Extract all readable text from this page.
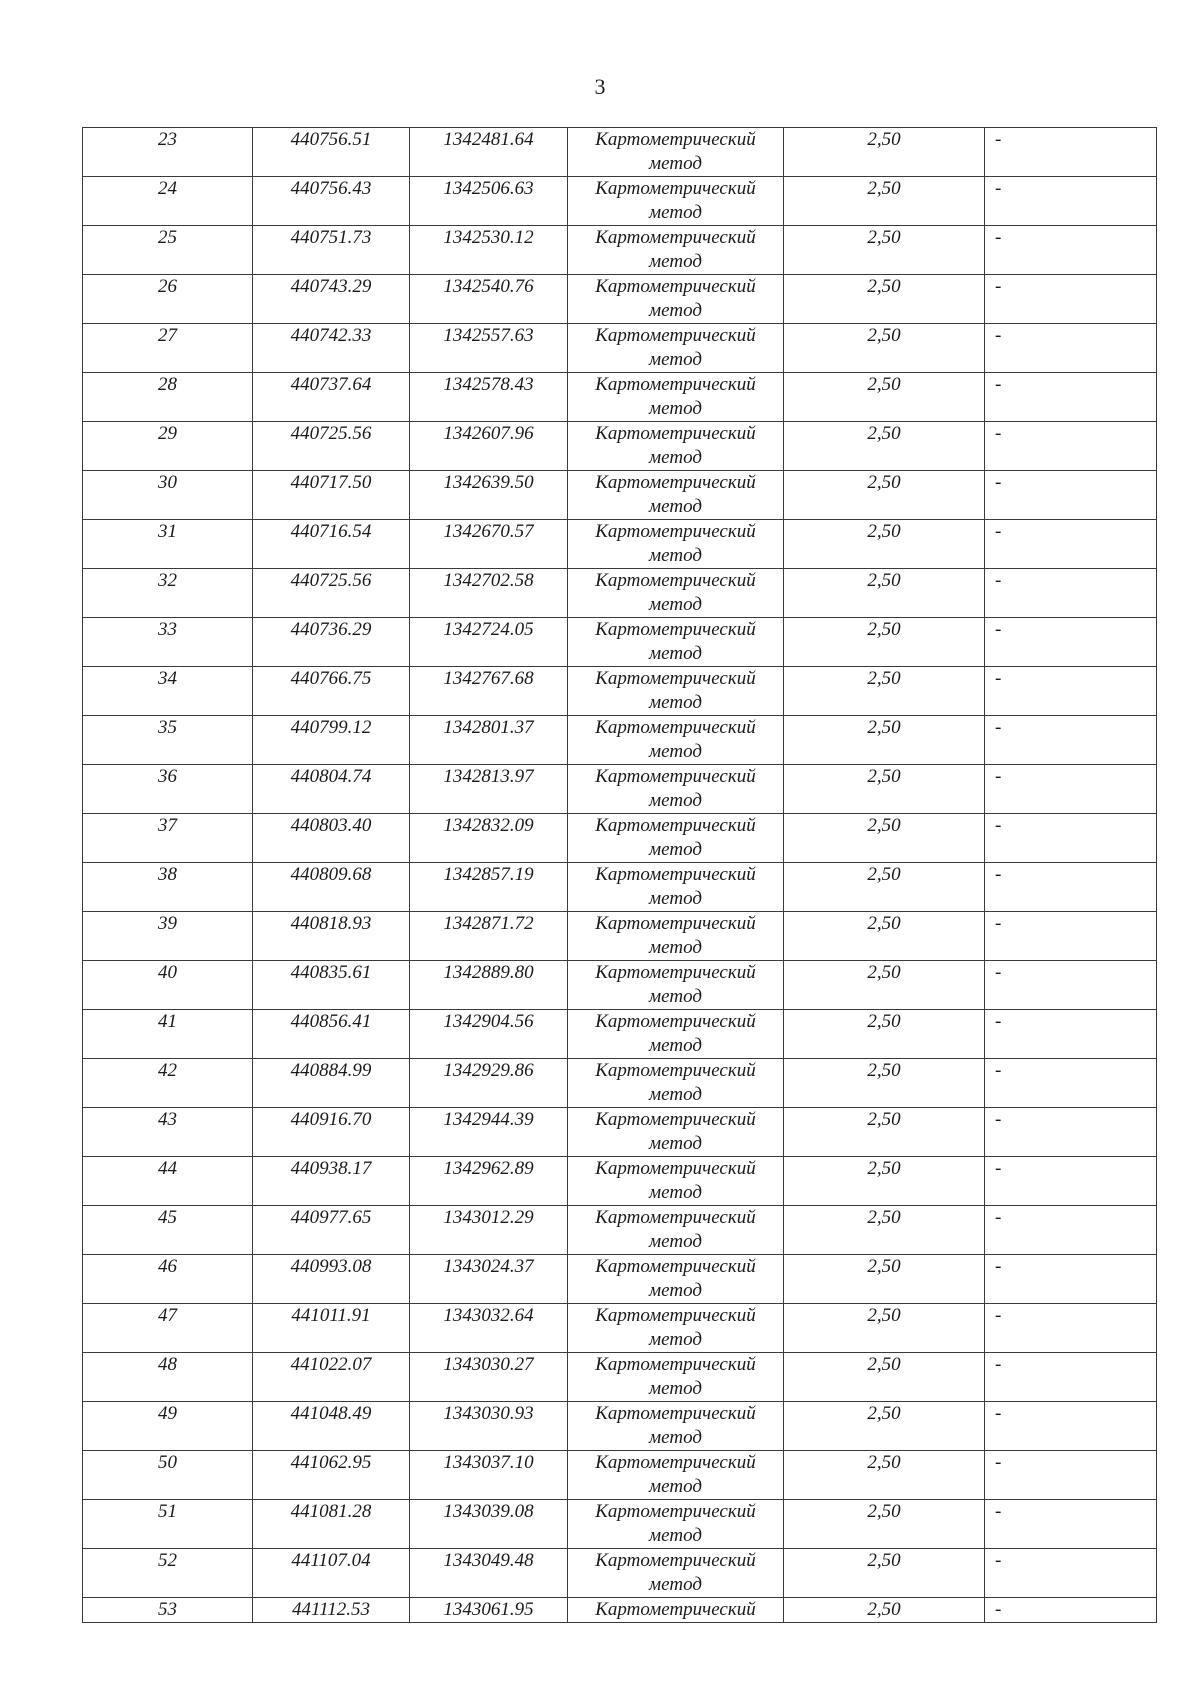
3
23	440756.51	1342481.64	Картометрический метод	2,50	-

24	440756.43	1342506.63	Картометрический метод	2,50	-

25	440751.73	1342530.12	Картометрический метод	2,50	-

26	440743.29	1342540.76	Картометрический метод	2,50	-

27	440742.33	1342557.63	Картометрический метод	2,50	-

28	440737.64	1342578.43	Картометрический метод	2,50	-

29	440725.56	1342607.96	Картометрический метод	2,50	-

30	440717.50	1342639.50	Картометрический метод	2,50	-

31	440716.54	1342670.57	Картометрический метод	2,50	-

32	440725.56	1342702.58	Картометрический метод	2,50	-

33	440736.29	1342724.05	Картометрический метод	2,50	-

34	440766.75	1342767.68	Картометрический метод	2,50	-

35	440799.12	1342801.37	Картометрический метод	2,50	-

36	440804.74	1342813.97	Картометрический метод	2,50	-

37	440803.40	1342832.09	Картометрический метод	2,50	-

38	440809.68	1342857.19	Картометрический метод	2,50	-

39	440818.93	1342871.72	Картометрический метод	2,50	-

40	440835.61	1342889.80	Картометрический метод	2,50	-

41	440856.41	1342904.56	Картометрический метод	2,50	-

42	440884.99	1342929.86	Картометрический метод	2,50	-

43	440916.70	1342944.39	Картометрический метод	2,50	-

44	440938.17	1342962.89	Картометрический метод	2,50	-

45	440977.65	1343012.29	Картометрический метод	2,50	-

46	440993.08	1343024.37	Картометрический метод	2,50	-

47	441011.91	1343032.64	Картометрический метод	2,50	-

48	441022.07	1343030.27	Картометрический метод	2,50	-

49	441048.49	1343030.93	Картометрический метод	2,50	-

50	441062.95	1343037.10	Картометрический метод	2,50	-

51	441081.28	1343039.08	Картометрический метод	2,50	-

52	441107.04	1343049.48	Картометрический метод	2,50	-

53	441112.53	1343061.95	Картометрический	2,50	-
